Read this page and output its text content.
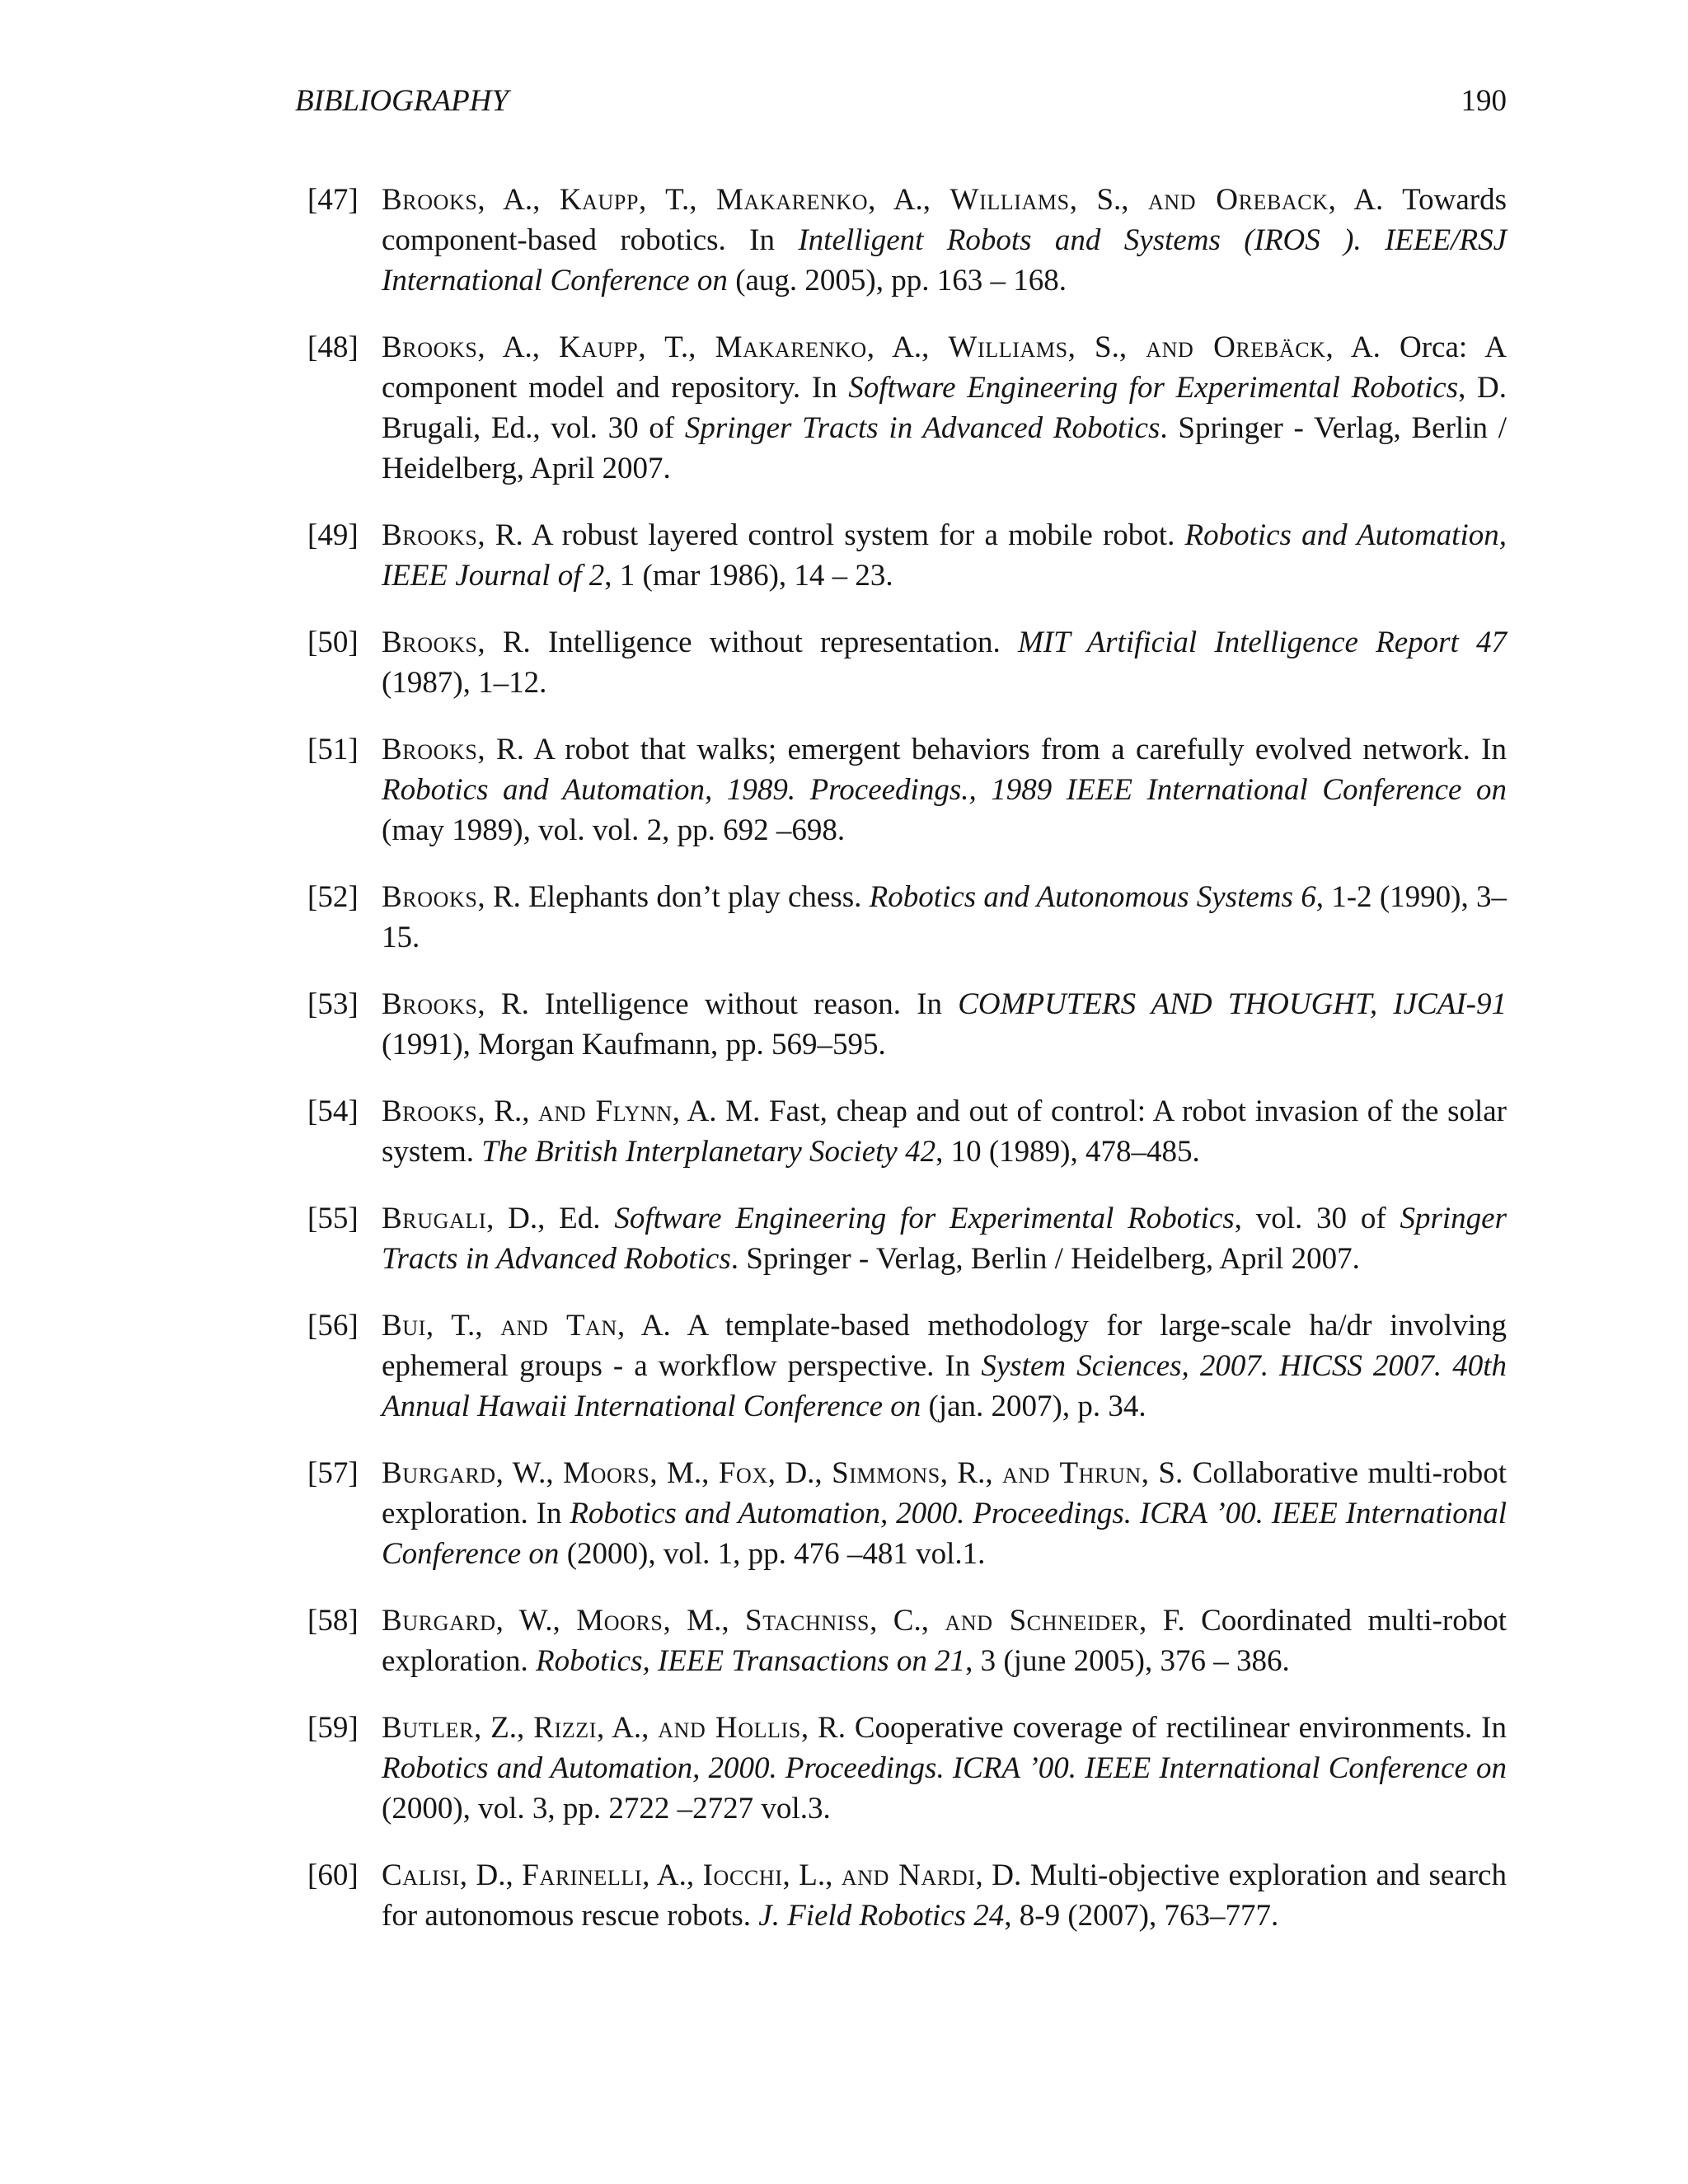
BIBLIOGRAPHY	190
[47] Brooks, A., Kaupp, T., Makarenko, A., Williams, S., and Oreback, A. Towards component-based robotics. In Intelligent Robots and Systems (IROS ). IEEE/RSJ International Conference on (aug. 2005), pp. 163 – 168.
[48] Brooks, A., Kaupp, T., Makarenko, A., Williams, S., and Orebäck, A. Orca: A component model and repository. In Software Engineering for Experimental Robotics, D. Brugali, Ed., vol. 30 of Springer Tracts in Advanced Robotics. Springer - Verlag, Berlin / Heidelberg, April 2007.
[49] Brooks, R. A robust layered control system for a mobile robot. Robotics and Automation, IEEE Journal of 2, 1 (mar 1986), 14 – 23.
[50] Brooks, R. Intelligence without representation. MIT Artificial Intelligence Report 47 (1987), 1–12.
[51] Brooks, R. A robot that walks; emergent behaviors from a carefully evolved network. In Robotics and Automation, 1989. Proceedings., 1989 IEEE International Conference on (may 1989), vol. vol. 2, pp. 692 –698.
[52] Brooks, R. Elephants don’t play chess. Robotics and Autonomous Systems 6, 1-2 (1990), 3– 15.
[53] Brooks, R. Intelligence without reason. In COMPUTERS AND THOUGHT, IJCAI-91 (1991), Morgan Kaufmann, pp. 569–595.
[54] Brooks, R., and Flynn, A. M. Fast, cheap and out of control: A robot invasion of the solar system. The British Interplanetary Society 42, 10 (1989), 478–485.
[55] Brugali, D., Ed. Software Engineering for Experimental Robotics, vol. 30 of Springer Tracts in Advanced Robotics. Springer - Verlag, Berlin / Heidelberg, April 2007.
[56] Bui, T., and Tan, A. A template-based methodology for large-scale ha/dr involving ephemeral groups - a workflow perspective. In System Sciences, 2007. HICSS 2007. 40th Annual Hawaii International Conference on (jan. 2007), p. 34.
[57] Burgard, W., Moors, M., Fox, D., Simmons, R., and Thrun, S. Collaborative multi-robot exploration. In Robotics and Automation, 2000. Proceedings. ICRA ’00. IEEE International Conference on (2000), vol. 1, pp. 476 –481 vol.1.
[58] Burgard, W., Moors, M., Stachniss, C., and Schneider, F. Coordinated multi-robot exploration. Robotics, IEEE Transactions on 21, 3 (june 2005), 376 – 386.
[59] Butler, Z., Rizzi, A., and Hollis, R. Cooperative coverage of rectilinear environments. In Robotics and Automation, 2000. Proceedings. ICRA ’00. IEEE International Conference on (2000), vol. 3, pp. 2722 –2727 vol.3.
[60] Calisi, D., Farinelli, A., Iocchi, L., and Nardi, D. Multi-objective exploration and search for autonomous rescue robots. J. Field Robotics 24, 8-9 (2007), 763–777.
